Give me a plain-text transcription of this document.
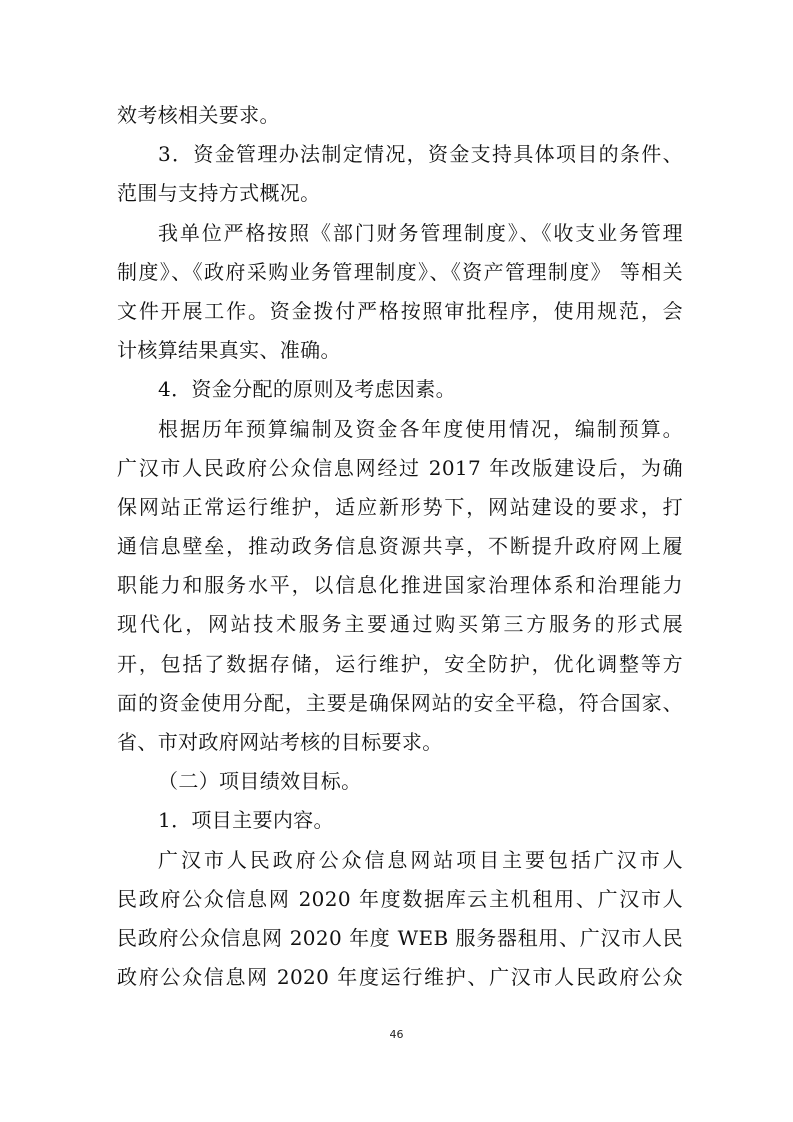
效考核相关要求。
3．资金管理办法制定情况，资金支持具体项目的条件、
范围与支持方式概况。
我单位严格按照《部门财务管理制度》、《收支业务管理
制度》、《政府采购业务管理制度》、《资产管理制度》 等相关
文件开展工作。资金拨付严格按照审批程序，使用规范，会
计核算结果真实、准确。
4．资金分配的原则及考虑因素。
根据历年预算编制及资金各年度使用情况，编制预算。
广汉市人民政府公众信息网经过 2017 年改版建设后，为确
保网站正常运行维护，适应新形势下，网站建设的要求，打
通信息壁垒，推动政务信息资源共享，不断提升政府网上履
职能力和服务水平，以信息化推进国家治理体系和治理能力
现代化，网站技术服务主要通过购买第三方服务的形式展
开，包括了数据存储，运行维护，安全防护，优化调整等方
面的资金使用分配，主要是确保网站的安全平稳，符合国家、
省、市对政府网站考核的目标要求。
（二）项目绩效目标。
1．项目主要内容。
广汉市人民政府公众信息网站项目主要包括广汉市人
民政府公众信息网 2020 年度数据库云主机租用、广汉市人
民政府公众信息网 2020 年度 WEB 服务器租用、广汉市人民
政府公众信息网 2020 年度运行维护、广汉市人民政府公众
46
